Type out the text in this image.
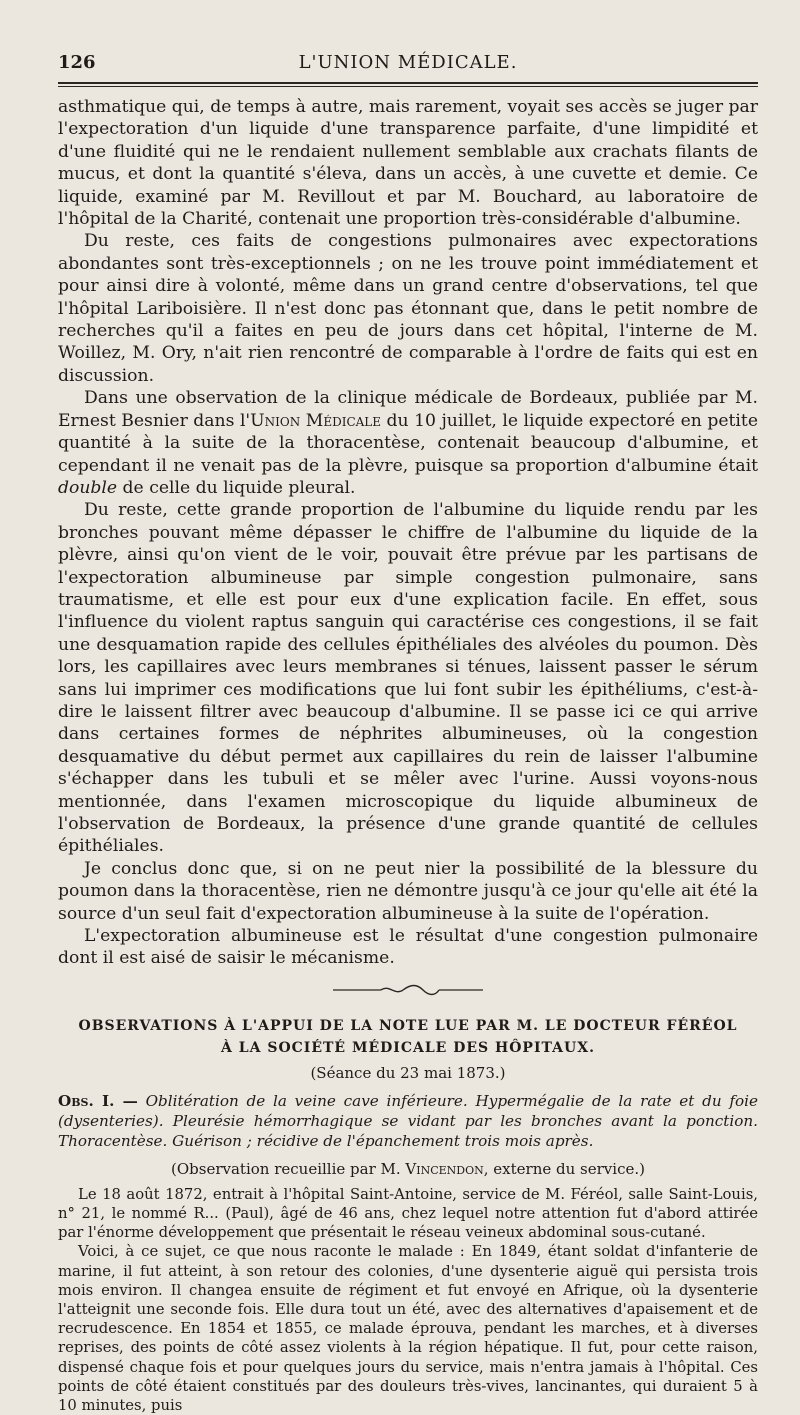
126	L'UNION MÉDICALE.

asthmatique qui, de temps à autre, mais rarement, voyait ses accès se juger par l'expectoration d'un liquide d'une transparence parfaite, d'une limpidité et d'une fluidité qui ne le rendaient nullement semblable aux crachats filants de mucus, et dont la quantité s'éleva, dans un accès, à une cuvette et demie. Ce liquide, examiné par M. Revillout et par M. Bouchard, au laboratoire de l'hôpital de la Charité, contenait une proportion très-considérable d'albumine.

Du reste, ces faits de congestions pulmonaires avec expectorations abondantes sont très-exceptionnels ; on ne les trouve point immédiatement et pour ainsi dire à volonté, même dans un grand centre d'observations, tel que l'hôpital Lariboisière. Il n'est donc pas étonnant que, dans le petit nombre de recherches qu'il a faites en peu de jours dans cet hôpital, l'interne de M. Woillez, M. Ory, n'ait rien rencontré de comparable à l'ordre de faits qui est en discussion.

Dans une observation de la clinique médicale de Bordeaux, publiée par M. Ernest Besnier dans l'Union Médicale du 10 juillet, le liquide expectoré en petite quantité à la suite de la thoracentèse, contenait beaucoup d'albumine, et cependant il ne venait pas de la plèvre, puisque sa proportion d'albumine était double de celle du liquide pleural.

Du reste, cette grande proportion de l'albumine du liquide rendu par les bronches pouvant même dépasser le chiffre de l'albumine du liquide de la plèvre, ainsi qu'on vient de le voir, pouvait être prévue par les partisans de l'expectoration albumineuse par simple congestion pulmonaire, sans traumatisme, et elle est pour eux d'une explication facile. En effet, sous l'influence du violent raptus sanguin qui caractérise ces congestions, il se fait une desquamation rapide des cellules épithéliales des alvéoles du poumon. Dès lors, les capillaires avec leurs membranes si ténues, laissent passer le sérum sans lui imprimer ces modifications que lui font subir les épithéliums, c'est-à-dire le laissent filtrer avec beaucoup d'albumine. Il se passe ici ce qui arrive dans certaines formes de néphrites albumineuses, où la congestion desquamative du début permet aux capillaires du rein de laisser l'albumine s'échapper dans les tubuli et se mêler avec l'urine. Aussi voyons-nous mentionnée, dans l'examen microscopique du liquide albumineux de l'observation de Bordeaux, la présence d'une grande quantité de cellules épithéliales.

Je conclus donc que, si on ne peut nier la possibilité de la blessure du poumon dans la thoracentèse, rien ne démontre jusqu'à ce jour qu'elle ait été la source d'un seul fait d'expectoration albumineuse à la suite de l'opération.

L'expectoration albumineuse est le résultat d'une congestion pulmonaire dont il est aisé de saisir le mécanisme.

OBSERVATIONS À L'APPUI DE LA NOTE LUE PAR M. LE DOCTEUR FÉRÉOL

À LA SOCIÉTÉ MÉDICALE DES HÔPITAUX.

(Séance du 23 mai 1873.)

Obs. I. — Oblitération de la veine cave inférieure. Hypermégalie de la rate et du foie (dysenteries). Pleurésie hémorrhagique se vidant par les bronches avant la ponction. Thoracentèse. Guérison ; récidive de l'épanchement trois mois après.

(Observation recueillie par M. Vincendon, externe du service.)

Le 18 août 1872, entrait à l'hôpital Saint-Antoine, service de M. Féréol, salle Saint-Louis, n° 21, le nommé R... (Paul), âgé de 46 ans, chez lequel notre attention fut d'abord attirée par l'énorme développement que présentait le réseau veineux abdominal sous-cutané.

Voici, à ce sujet, ce que nous raconte le malade : En 1849, étant soldat d'infanterie de marine, il fut atteint, à son retour des colonies, d'une dysenterie aiguë qui persista trois mois environ. Il changea ensuite de régiment et fut envoyé en Afrique, où la dysenterie l'atteignit une seconde fois. Elle dura tout un été, avec des alternatives d'apaisement et de recrudescence. En 1854 et 1855, ce malade éprouva, pendant les marches, et à diverses reprises, des points de côté assez violents à la région hépatique. Il fut, pour cette raison, dispensé chaque fois et pour quelques jours du service, mais n'entra jamais à l'hôpital. Ces points de côté étaient constitués par des douleurs très-vives, lancinantes, qui duraient 5 à 10 minutes, puis
